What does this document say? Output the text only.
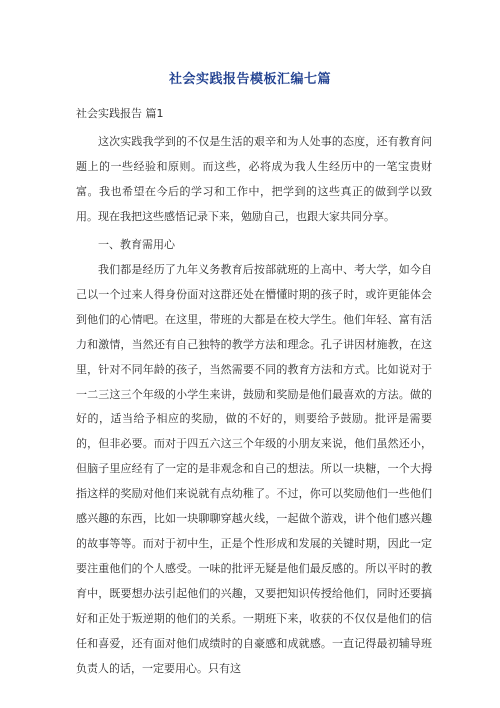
社会实践报告模板汇编七篇
社会实践报告 篇1

这次实践我学到的不仅是生活的艰辛和为人处事的态度，还有教育问题上的一些经验和原则。而这些，必将成为我人生经历中的一笔宝贵财富。我也希望在今后的学习和工作中，把学到的这些真正的做到学以致用。现在我把这些感悟记录下来，勉励自己，也跟大家共同分享。

一、教育需用心

我们都是经历了九年义务教育后按部就班的上高中、考大学，如今自己以一个过来人得身份面对这群还处在懵懂时期的孩子时，或许更能体会到他们的心情吧。在这里，带班的大都是在校大学生。他们年轻、富有活力和激情，当然还有自己独特的教学方法和理念。孔子讲因材施教，在这里，针对不同年龄的孩子，当然需要不同的教育方法和方式。比如说对于一二三这三个年级的小学生来讲，鼓励和奖励是他们最喜欢的方法。做的好的，适当给予相应的奖励，做的不好的，则要给予鼓励。批评是需要的，但非必要。而对于四五六这三个年级的小朋友来说，他们虽然还小，但脑子里应经有了一定的是非观念和自己的想法。所以一块糖，一个大拇指这样的奖励对他们来说就有点幼稚了。不过，你可以奖励他们一些他们感兴趣的东西，比如一块聊聊穿越火线，一起做个游戏，讲个他们感兴趣的故事等等。而对于初中生，正是个性形成和发展的关键时期，因此一定要注重他们的个人感受。一味的批评无疑是他们最反感的。所以平时的教育中，既要想办法引起他们的兴趣，又要把知识传授给他们，同时还要搞好和正处于叛逆期的他们的关系。一期班下来，收获的不仅仅是他们的信任和喜爱，还有面对他们成绩时的自豪感和成就感。一直记得最初辅导班负责人的话，一定要用心。只有这
